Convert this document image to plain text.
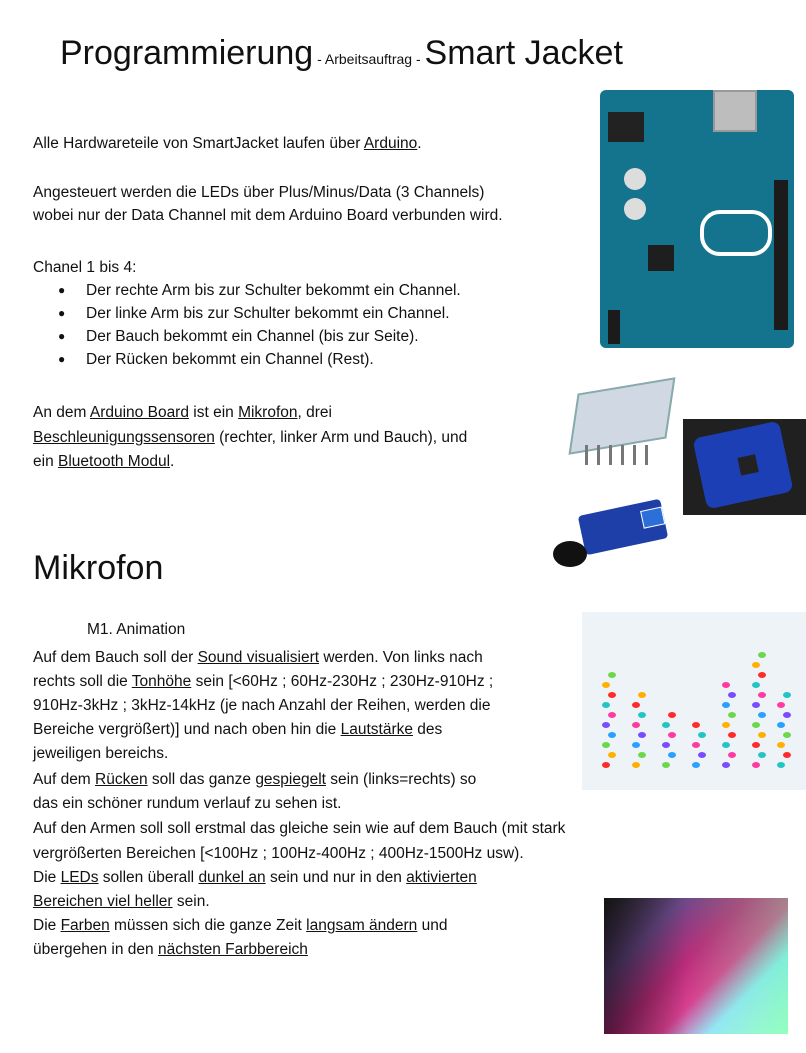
Programmierung - Arbeitsauftrag - Smart Jacket
Alle Hardwareteile von SmartJacket laufen über Arduino.
Angesteuert werden die LEDs über Plus/Minus/Data (3 Channels)
wobei nur der Data Channel mit dem Arduino Board verbunden wird.
Chanel 1 bis 4:
● Der rechte Arm bis zur Schulter bekommt ein Channel.
● Der linke Arm bis zur Schulter bekommt ein Channel.
● Der Bauch bekommt ein Channel (bis zur Seite).
● Der Rücken bekommt ein Channel (Rest).
An dem Arduino Board ist ein Mikrofon, drei
Beschleunigungssensoren (rechter, linker Arm und Bauch), und
ein Bluetooth Modul.
Mikrofon
M1. Animation
Auf dem Bauch soll der Sound visualisiert werden. Von links nach
rechts soll die Tonhöhe sein [<60Hz ; 60Hz-230Hz ; 230Hz-910Hz ;
910Hz-3kHz ; 3kHz-14kHz (je nach Anzahl der Reihen, werden die
Bereiche vergrößert)] und nach oben hin die Lautstärke des
jeweiligen bereichs.
Auf dem Rücken soll das ganze gespiegelt sein (links=rechts) so
das ein schöner rundum verlauf zu sehen ist.
Auf den Armen soll soll erstmal das gleiche sein wie auf dem Bauch (mit stark
vergrößerten Bereichen [<100Hz ; 100Hz-400Hz ; 400Hz-1500Hz usw).
Die LEDs sollen überall dunkel an sein und nur in den aktivierten
Bereichen viel heller sein.
Die Farben müssen sich die ganze Zeit langsam ändern und
übergehen in den nächsten Farbbereich
